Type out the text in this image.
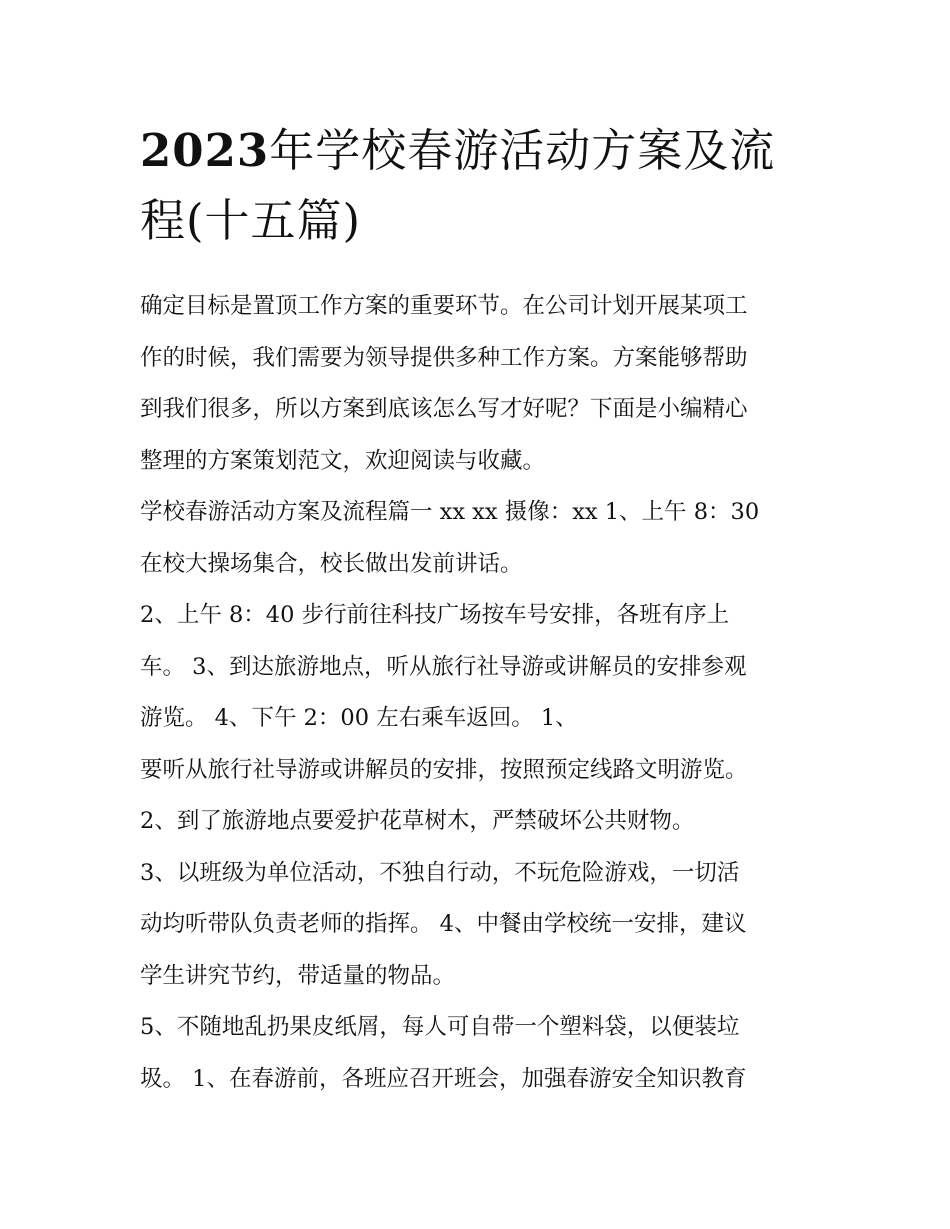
2023年学校春游活动方案及流
程(十五篇)
确定目标是置顶工作方案的重要环节。在公司计划开展某项工
作的时候，我们需要为领导提供多种工作方案。方案能够帮助
到我们很多，所以方案到底该怎么写才好呢？下面是小编精心
整理的方案策划范文，欢迎阅读与收藏。
学校春游活动方案及流程篇一 xx xx 摄像：xx 1、上午 8：30
在校大操场集合，校长做出发前讲话。
2、上午 8：40 步行前往科技广场按车号安排，各班有序上
车。 3、到达旅游地点，听从旅行社导游或讲解员的安排参观
游览。 4、下午 2：00 左右乘车返回。 1、
要听从旅行社导游或讲解员的安排，按照预定线路文明游览。
2、到了旅游地点要爱护花草树木，严禁破坏公共财物。
3、以班级为单位活动，不独自行动，不玩危险游戏，一切活
动均听带队负责老师的指挥。 4、中餐由学校统一安排，建议
学生讲究节约，带适量的物品。
5、不随地乱扔果皮纸屑，每人可自带一个塑料袋，以便装垃
圾。 1、在春游前，各班应召开班会，加强春游安全知识教育
